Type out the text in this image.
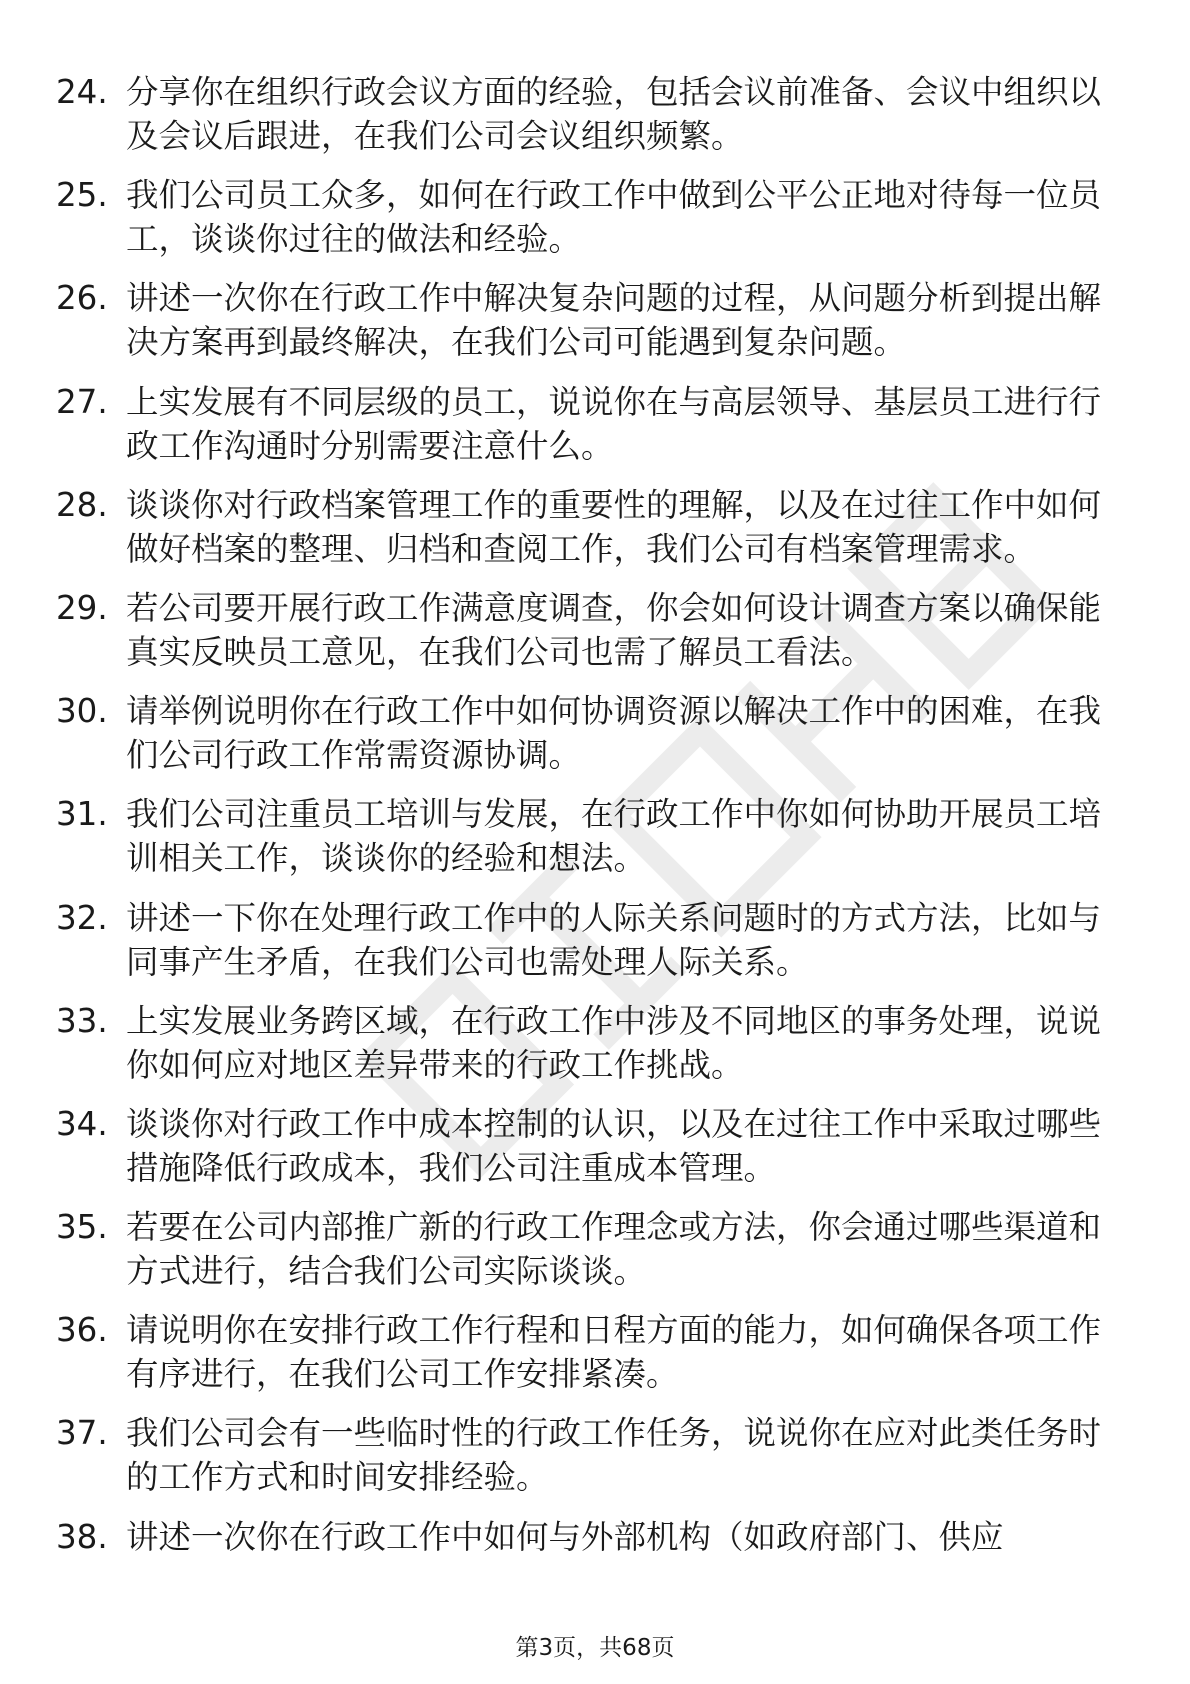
24. 分享你在组织行政会议方面的经验，包括会议前准备、会议中组织以及会议后跟进，在我们公司会议组织频繁。
25. 我们公司员工众多，如何在行政工作中做到公平公正地对待每一位员工，谈谈你过往的做法和经验。
26. 讲述一次你在行政工作中解决复杂问题的过程，从问题分析到提出解决方案再到最终解决，在我们公司可能遇到复杂问题。
27. 上实发展有不同层级的员工，说说你在与高层领导、基层员工进行行政工作沟通时分别需要注意什么。
28. 谈谈你对行政档案管理工作的重要性的理解，以及在过往工作中如何做好档案的整理、归档和查阅工作，我们公司有档案管理需求。
29. 若公司要开展行政工作满意度调查，你会如何设计调查方案以确保能真实反映员工意见，在我们公司也需了解员工看法。
30. 请举例说明你在行政工作中如何协调资源以解决工作中的困难，在我们公司行政工作常需资源协调。
31. 我们公司注重员工培训与发展，在行政工作中你如何协助开展员工培训相关工作，谈谈你的经验和想法。
32. 讲述一下你在处理行政工作中的人际关系问题时的方式方法，比如与同事产生矛盾，在我们公司也需处理人际关系。
33. 上实发展业务跨区域，在行政工作中涉及不同地区的事务处理，说说你如何应对地区差异带来的行政工作挑战。
34. 谈谈你对行政工作中成本控制的认识，以及在过往工作中采取过哪些措施降低行政成本，我们公司注重成本管理。
35. 若要在公司内部推广新的行政工作理念或方法，你会通过哪些渠道和方式进行，结合我们公司实际谈谈。
36. 请说明你在安排行政工作行程和日程方面的能力，如何确保各项工作有序进行，在我们公司工作安排紧凑。
37. 我们公司会有一些临时性的行政工作任务，说说你在应对此类任务时的工作方式和时间安排经验。
38. 讲述一次你在行政工作中如何与外部机构（如政府部门、供应
第3页，共68页
